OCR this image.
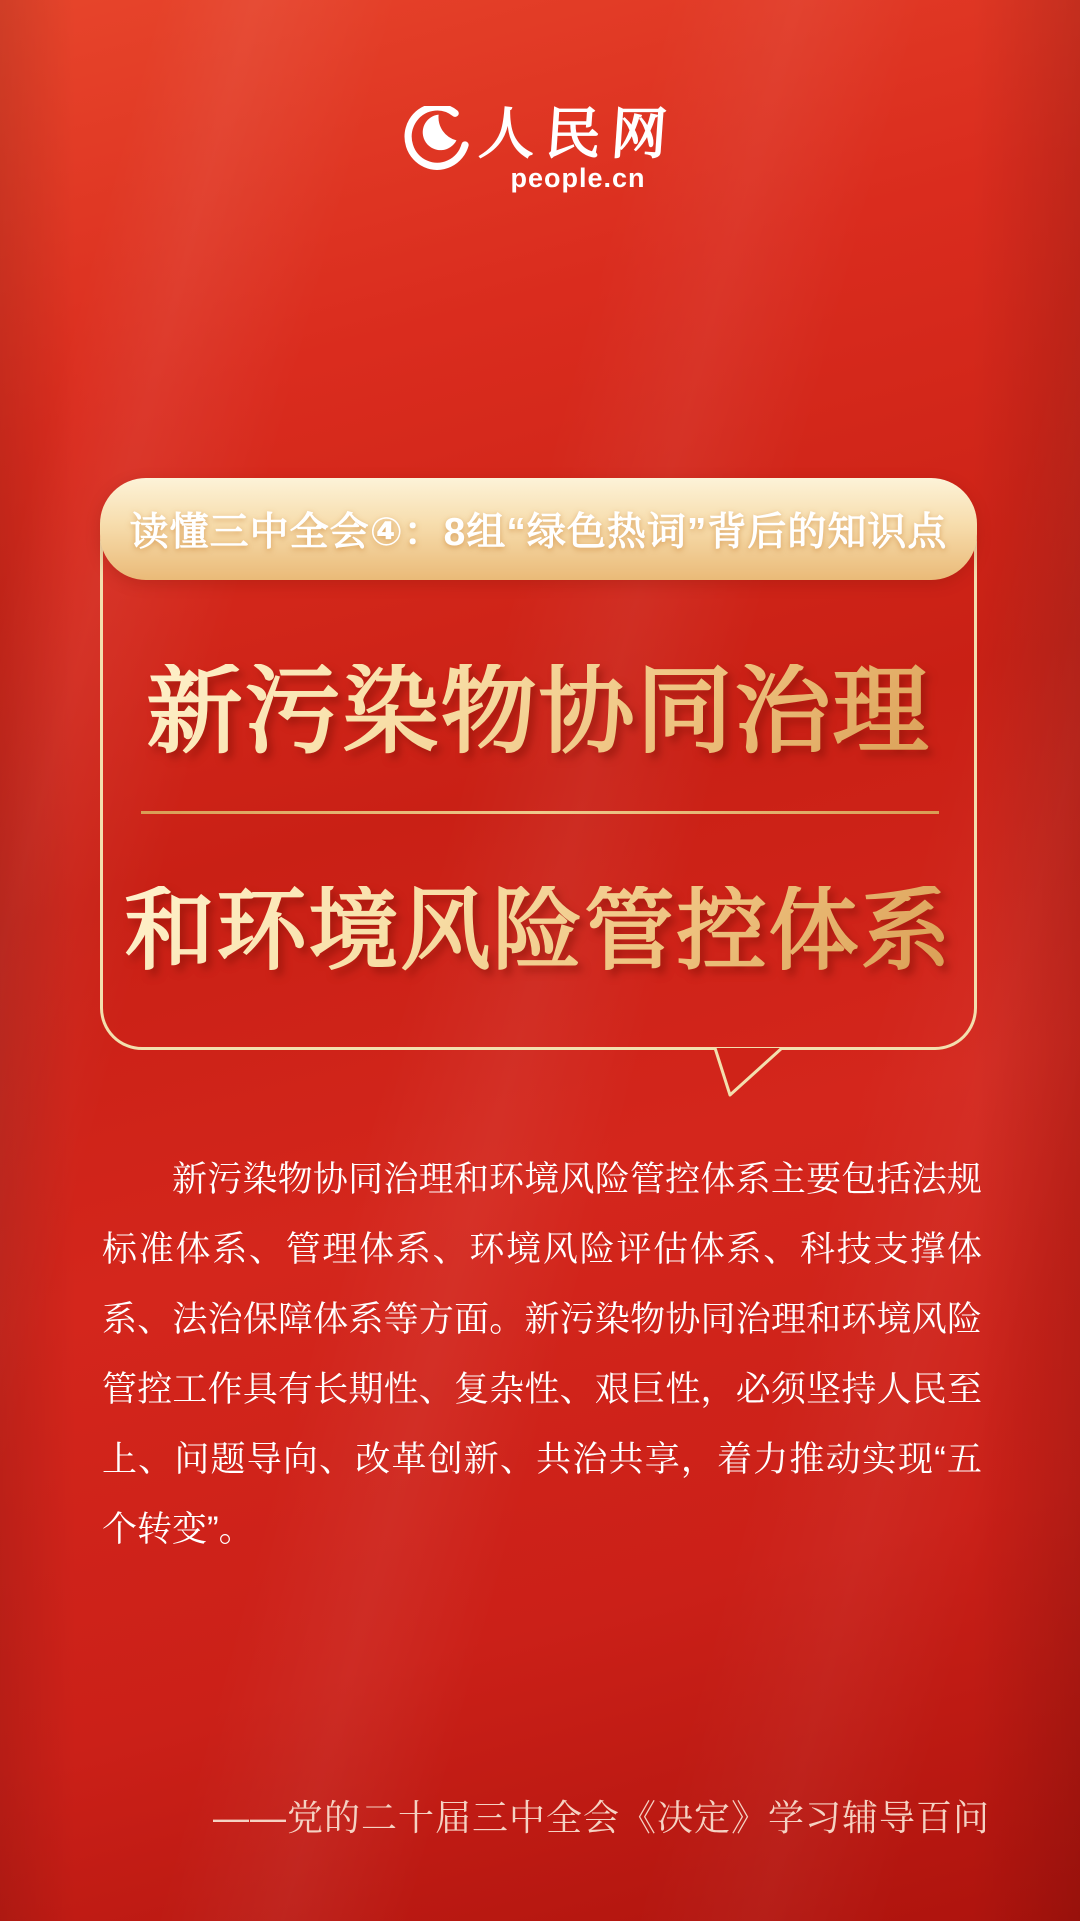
人民网
people.cn
读懂三中全会④：8组“绿色热词”背后的知识点
新污染物协同治理
和环境风险管控体系
新污染物协同治理和环境风险管控体系主要包括法规
标准体系、管理体系、环境风险评估体系、科技支撑体
系、法治保障体系等方面。新污染物协同治理和环境风险
管控工作具有长期性、复杂性、艰巨性，必须坚持人民至
上、问题导向、改革创新、共治共享，着力推动实现“五
个转变”。
——党的二十届三中全会《决定》学习辅导百问
